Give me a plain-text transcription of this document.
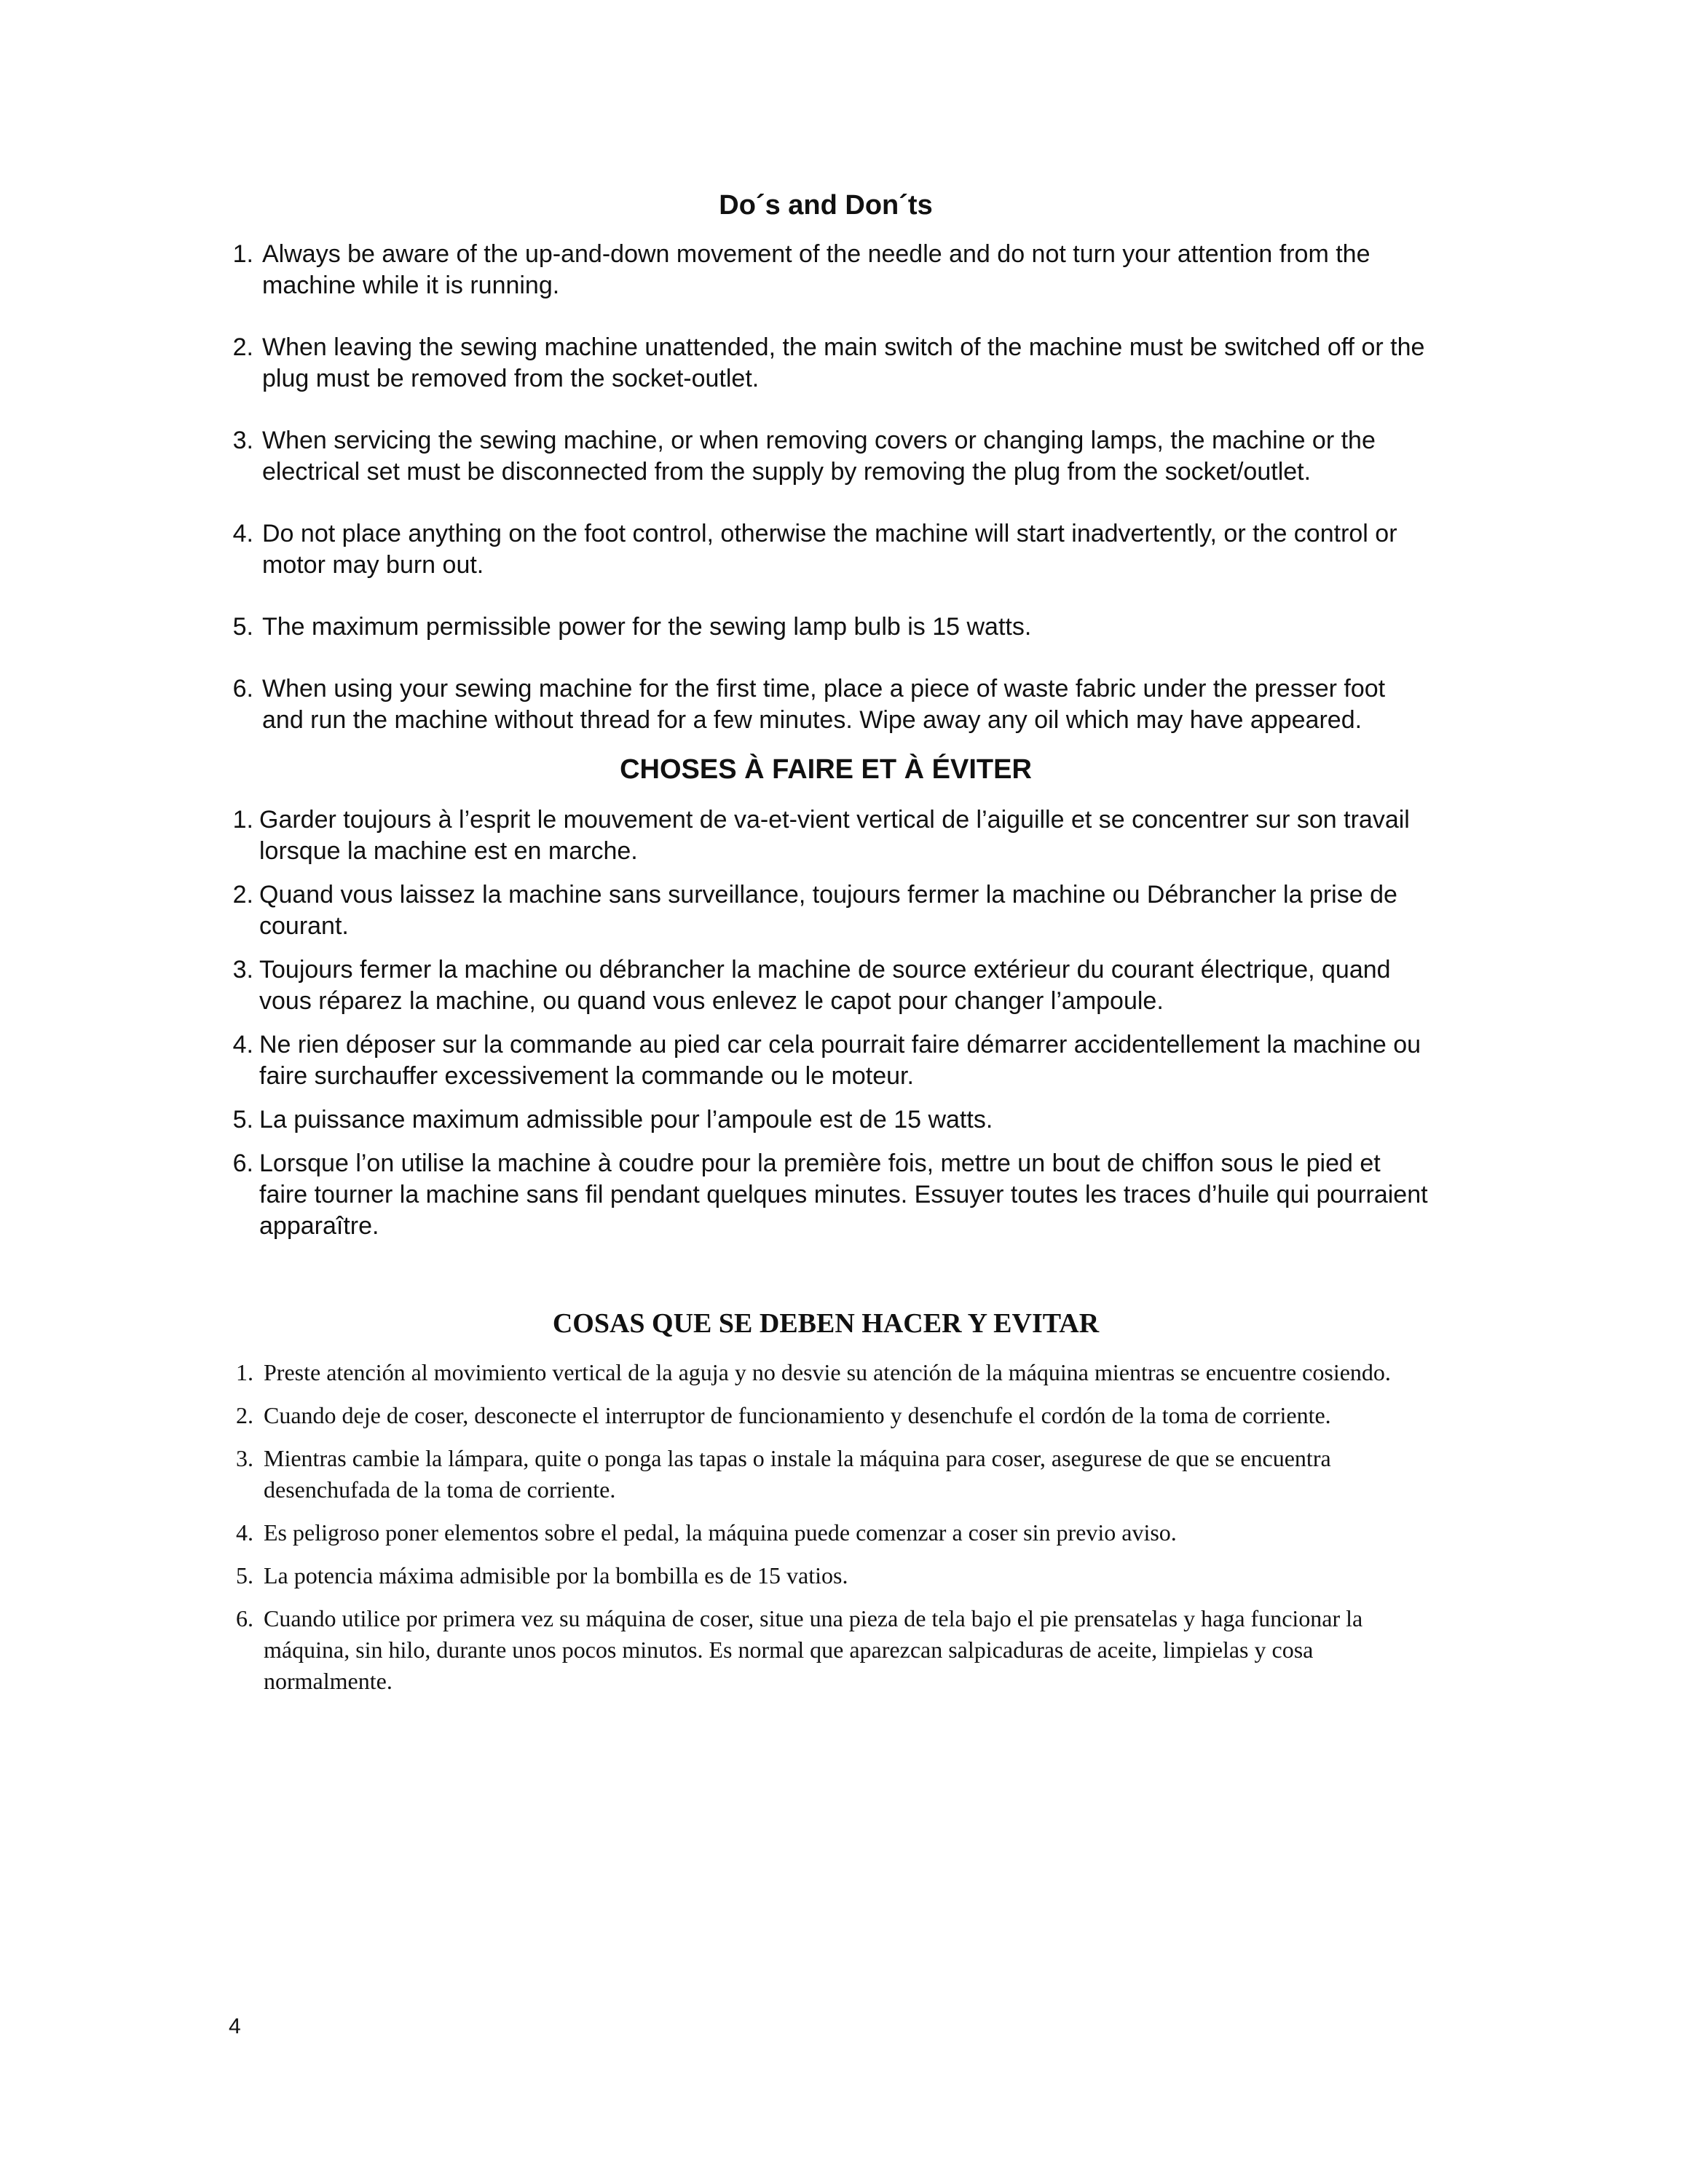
Do´s and Don´ts
1. Always be aware of the up-and-down movement of the needle and do not turn your attention from the machine while it is running.
2. When leaving the sewing machine unattended, the main switch of the machine must be switched off or the plug must be removed from the socket-outlet.
3. When servicing the sewing machine, or when removing covers or changing lamps, the machine or the electrical set must be disconnected from the supply by removing the plug from the socket/outlet.
4. Do not place anything on the foot control, otherwise the machine will start inadvertently, or the control or motor may burn out.
5. The maximum permissible power for the sewing lamp bulb is 15 watts.
6. When using your sewing machine for the first time, place a piece of waste fabric under the presser foot and run the machine without thread for a few minutes. Wipe away any oil which may have appeared.
CHOSES À FAIRE ET À ÉVITER
1. Garder toujours à l’esprit le mouvement de va-et-vient vertical de l’aiguille et se concentrer sur son travail lorsque la machine est en marche.
2. Quand vous laissez la machine sans surveillance, toujours fermer la machine ou Débrancher la prise de courant.
3. Toujours fermer la machine ou débrancher la machine de source extérieur du courant électrique, quand vous réparez la machine, ou quand vous enlevez le capot pour changer l’ampoule.
4. Ne rien déposer sur la commande au pied car cela pourrait faire démarrer accidentellement la machine ou faire surchauffer excessivement la commande ou le moteur.
5. La puissance maximum admissible pour l’ampoule est de 15 watts.
6. Lorsque l’on utilise la machine à coudre pour la première fois, mettre un bout de chiffon sous le pied et faire tourner la machine sans fil pendant quelques minutes. Essuyer toutes les traces d’huile qui pourraient apparaître.
COSAS QUE SE DEBEN HACER Y EVITAR
1. Preste atención al movimiento vertical de la aguja y no desvie su atención de la máquina mientras se encuentre cosiendo.
2. Cuando deje de coser, desconecte el interruptor de funcionamiento y desenchufe el cordón de la toma de corriente.
3. Mientras cambie la lámpara, quite o ponga las tapas o instale la máquina para coser, asegurese de que se encuentra desenchufada de la toma de corriente.
4. Es peligroso poner elementos sobre el pedal, la máquina puede comenzar a coser sin previo aviso.
5. La potencia máxima admisible por la bombilla es de 15 vatios.
6. Cuando utilice por primera vez su máquina de coser, situe una pieza de tela bajo el pie prensatelas y haga funcionar la máquina, sin hilo, durante unos pocos minutos. Es normal que aparezcan salpicaduras de aceite, limpielas y cosa normalmente.
4
